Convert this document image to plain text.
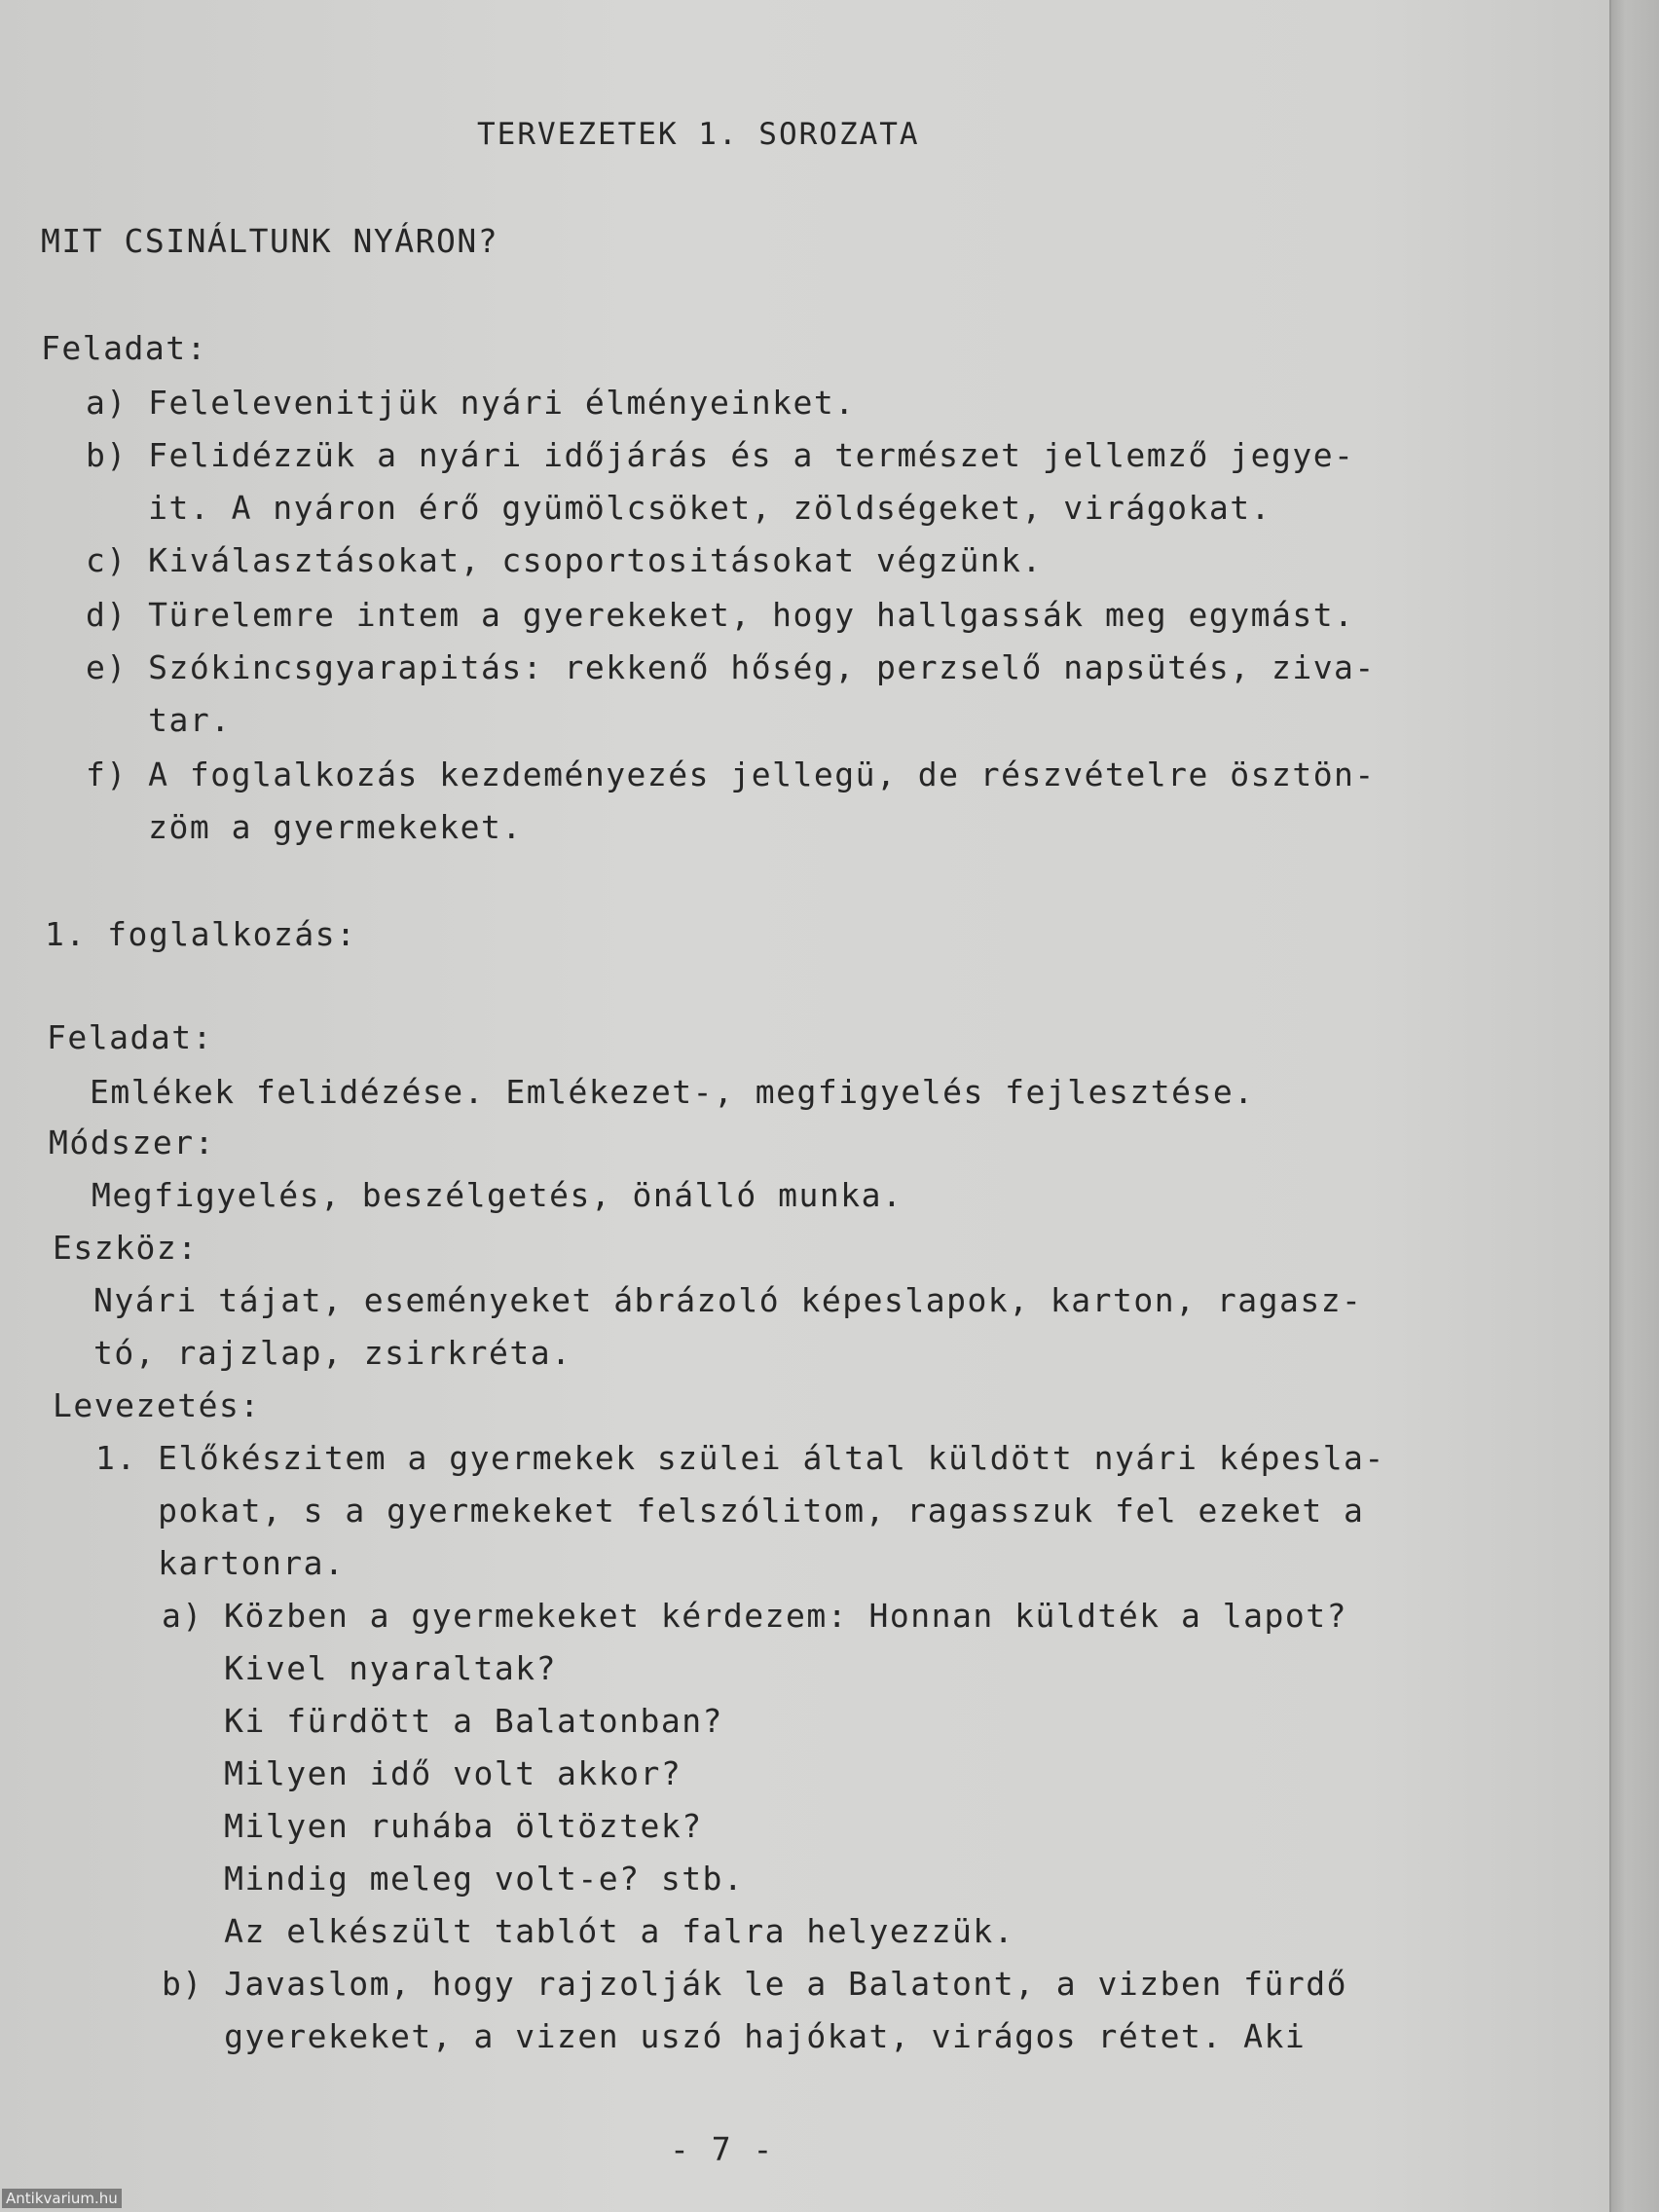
TERVEZETEK 1. SOROZATA
MIT CSINÁLTUNK NYÁRON?
Feladat:
a) Felelevenitjük nyári élményeinket.
b) Felidézzük a nyári időjárás és a természet jellemző jegye-
it. A nyáron érő gyümölcsöket, zöldségeket, virágokat.
c) Kiválasztásokat, csoportositásokat végzünk.
d) Türelemre intem a gyerekeket, hogy hallgassák meg egymást.
e) Szókincsgyarapitás: rekkenő hőség, perzselő napsütés, ziva-
tar.
f) A foglalkozás kezdeményezés jellegü, de részvételre ösztön-
zöm a gyermekeket.
1. foglalkozás:
Feladat:
Emlékek felidézése. Emlékezet-, megfigyelés fejlesztése.
Módszer:
Megfigyelés, beszélgetés, önálló munka.
Eszköz:
Nyári tájat, eseményeket ábrázoló képeslapok, karton, ragasz-
tó, rajzlap, zsirkréta.
Levezetés:
1. Előkészitem a gyermekek szülei által küldött nyári képesla-
pokat, s a gyermekeket felszólitom, ragasszuk fel ezeket a
kartonra.
a) Közben a gyermekeket kérdezem: Honnan küldték a lapot?
Kivel nyaraltak?
Ki fürdött a Balatonban?
Milyen idő volt akkor?
Milyen ruhába öltöztek?
Mindig meleg volt-e? stb.
Az elkészült tablót a falra helyezzük.
b) Javaslom, hogy rajzolják le a Balatont, a vizben fürdő
gyerekeket, a vizen uszó hajókat, virágos rétet. Aki
- 7 -
Antikvarium.hu
